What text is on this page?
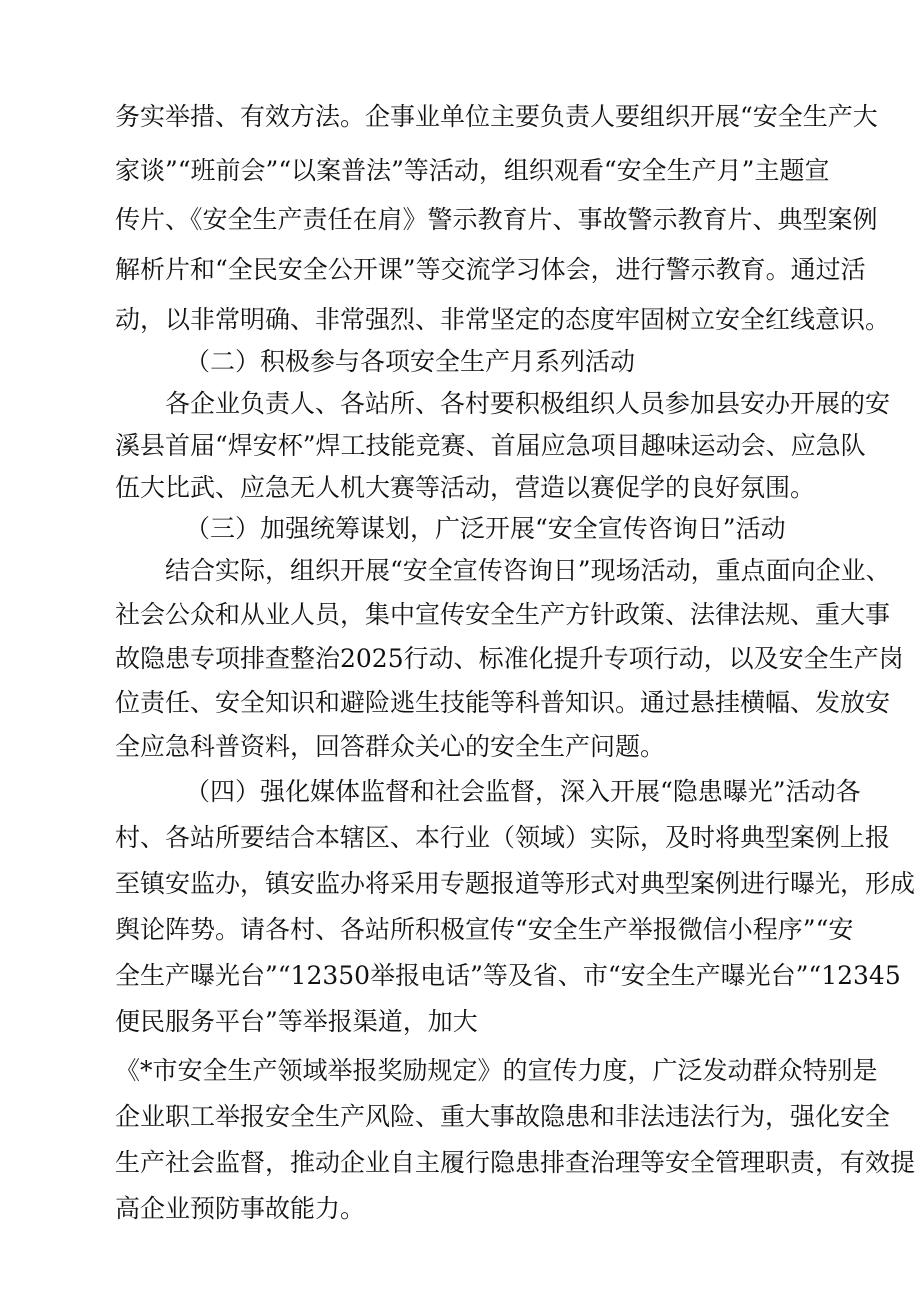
务实举措、有效方法。企事业单位主要负责人要组织开展“安全生产大
家谈”“班前会”“以案普法”等活动，组织观看“安全生产月”主题宣
传片、《安全生产责任在肩》警示教育片、事故警示教育片、典型案例
解析片和“全民安全公开课”等交流学习体会，进行警示教育。通过活
动，以非常明确、非常强烈、非常坚定的态度牢固树立安全红线意识。
（二）积极参与各项安全生产月系列活动
各企业负责人、各站所、各村要积极组织人员参加县安办开展的安
溪县首届“焊安杯”焊工技能竞赛、首届应急项目趣味运动会、应急队
伍大比武、应急无人机大赛等活动，营造以赛促学的良好氛围。
（三）加强统筹谋划，广泛开展“安全宣传咨询日”活动
结合实际，组织开展“安全宣传咨询日”现场活动，重点面向企业、
社会公众和从业人员，集中宣传安全生产方针政策、法律法规、重大事
故隐患专项排查整治2025行动、标准化提升专项行动，以及安全生产岗
位责任、安全知识和避险逃生技能等科普知识。通过悬挂横幅、发放安
全应急科普资料，回答群众关心的安全生产问题。
（四）强化媒体监督和社会监督，深入开展“隐患曝光”活动各
村、各站所要结合本辖区、本行业（领域）实际，及时将典型案例上报
至镇安监办，镇安监办将采用专题报道等形式对典型案例进行曝光，形成
舆论阵势。请各村、各站所积极宣传“安全生产举报微信小程序”“安
全生产曝光台”“12350举报电话”等及省、市“安全生产曝光台”“12345
便民服务平台”等举报渠道，加大
《*市安全生产领域举报奖励规定》的宣传力度，广泛发动群众特别是
企业职工举报安全生产风险、重大事故隐患和非法违法行为，强化安全
生产社会监督，推动企业自主履行隐患排查治理等安全管理职责，有效提
高企业预防事故能力。
